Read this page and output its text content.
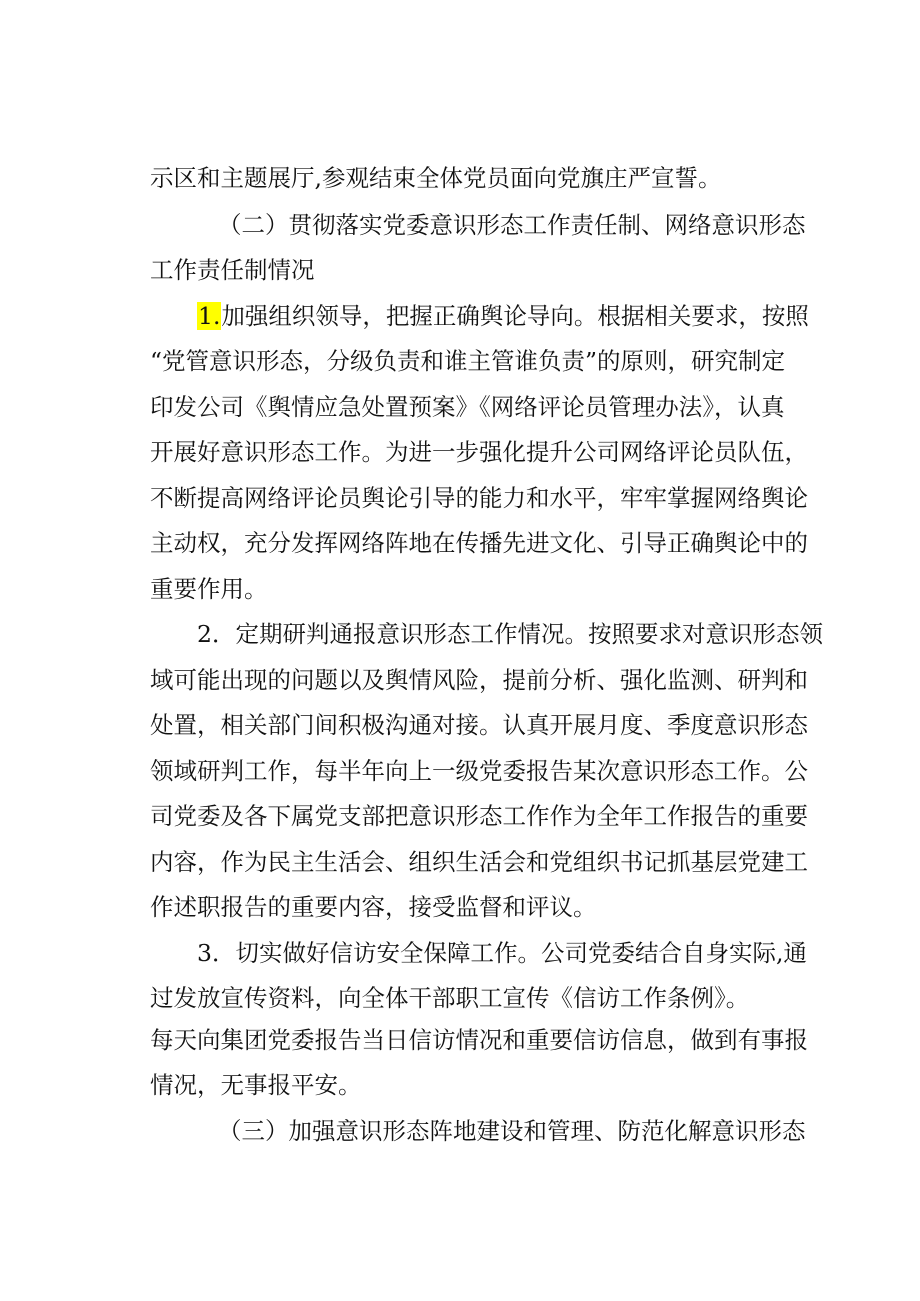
示区和主题展厅,参观结束全体党员面向党旗庄严宣誓。
（二）贯彻落实党委意识形态工作责任制、网络意识形态
工作责任制情况
1.加强组织领导，把握正确舆论导向。根据相关要求，按照
“党管意识形态，分级负责和谁主管谁负责”的原则，研究制定
印发公司《舆情应急处置预案》《网络评论员管理办法》，认真
开展好意识形态工作。为进一步强化提升公司网络评论员队伍，
不断提高网络评论员舆论引导的能力和水平，牢牢掌握网络舆论
主动权，充分发挥网络阵地在传播先进文化、引导正确舆论中的
重要作用。
2．定期研判通报意识形态工作情况。按照要求对意识形态领
域可能出现的问题以及舆情风险，提前分析、强化监测、研判和
处置，相关部门间积极沟通对接。认真开展月度、季度意识形态
领域研判工作，每半年向上一级党委报告某次意识形态工作。公
司党委及各下属党支部把意识形态工作作为全年工作报告的重要
内容，作为民主生活会、组织生活会和党组织书记抓基层党建工
作述职报告的重要内容，接受监督和评议。
3．切实做好信访安全保障工作。公司党委结合自身实际,通
过发放宣传资料，向全体干部职工宣传《信访工作条例》。
每天向集团党委报告当日信访情况和重要信访信息，做到有事报
情况，无事报平安。
（三）加强意识形态阵地建设和管理、防范化解意识形态
